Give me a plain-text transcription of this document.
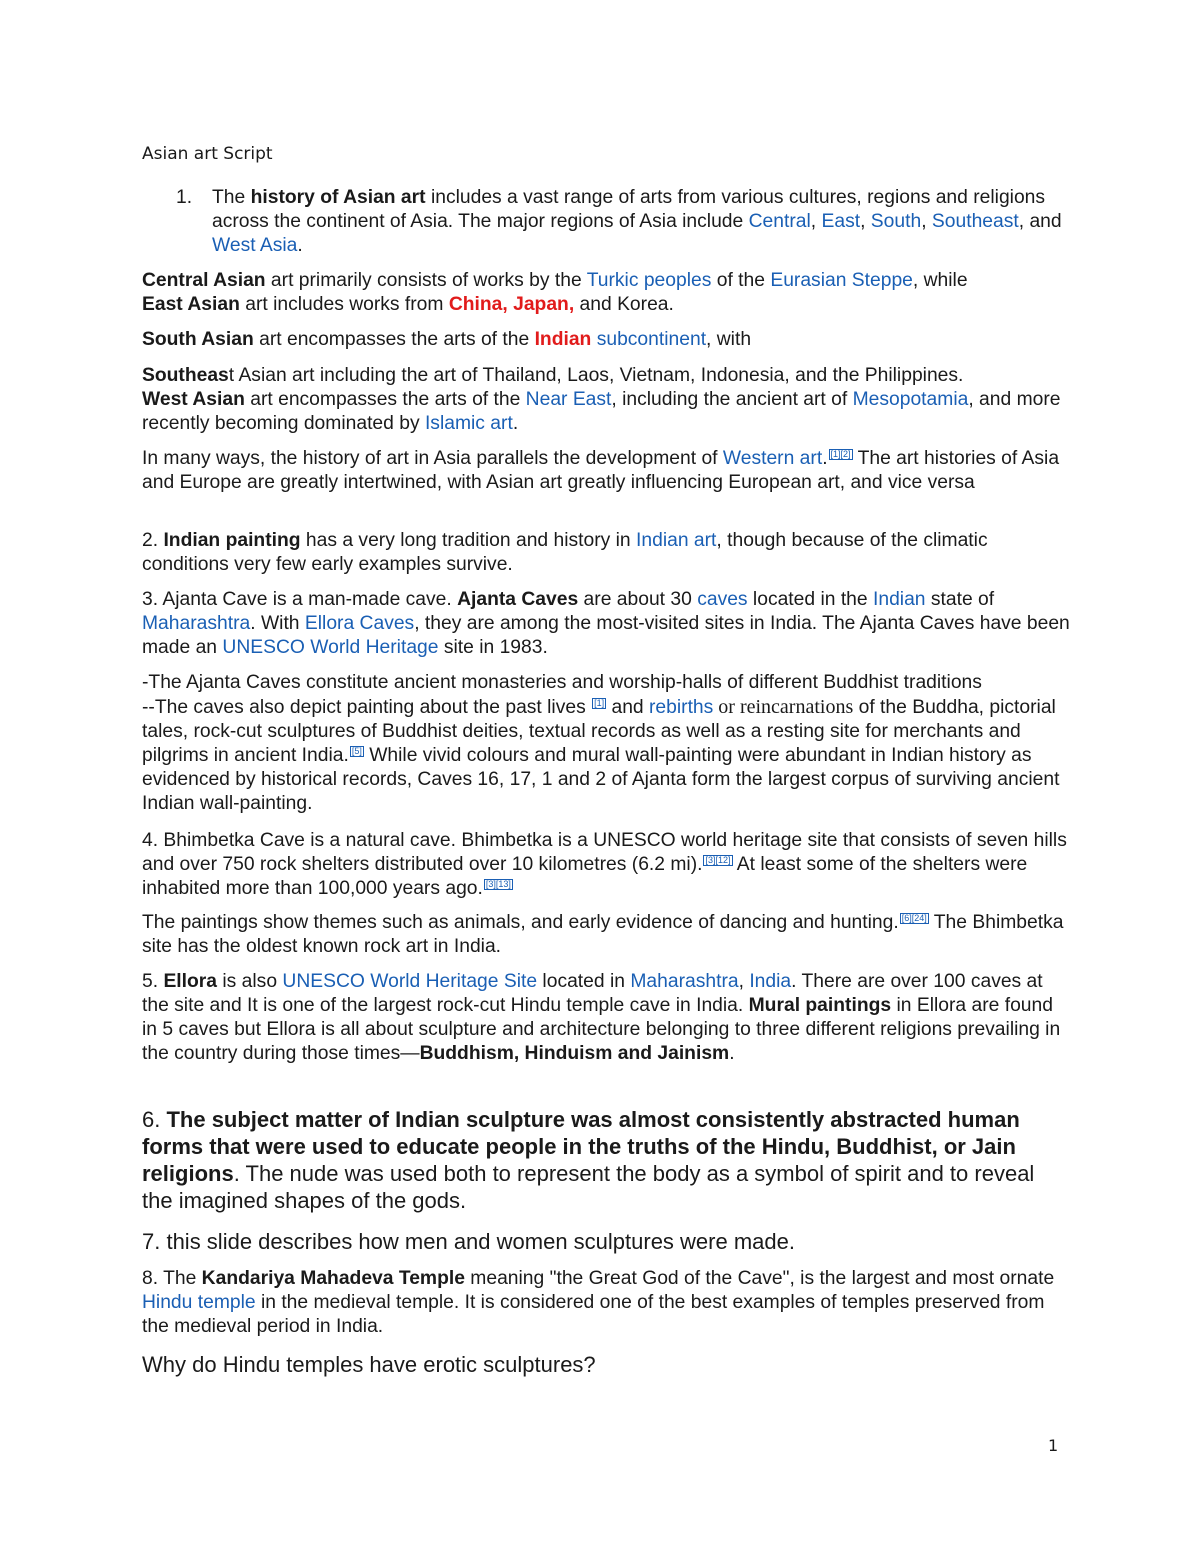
Asian art Script
1.	The history of Asian art includes a vast range of arts from various cultures, regions and religions across the continent of Asia. The major regions of Asia include Central, East, South, Southeast, and West Asia.
Central Asian art primarily consists of works by the Turkic peoples of the Eurasian Steppe, while
East Asian art includes works from China, Japan, and Korea.
South Asian art encompasses the arts of the Indian subcontinent, with
Southeast Asian art including the art of Thailand, Laos, Vietnam, Indonesia, and the Philippines.
West Asian art encompasses the arts of the Near East, including the ancient art of Mesopotamia, and more recently becoming dominated by Islamic art.
In many ways, the history of art in Asia parallels the development of Western art. [1][2] The art histories of Asia and Europe are greatly intertwined, with Asian art greatly influencing European art, and vice versa
2. Indian painting has a very long tradition and history in Indian art, though because of the climatic conditions very few early examples survive.
3. Ajanta Cave is a man-made cave. Ajanta Caves are about 30 caves located in the Indian state of Maharashtra. With Ellora Caves, they are among the most-visited sites in India. The Ajanta Caves have been made an UNESCO World Heritage site in 1983.
-The Ajanta Caves constitute ancient monasteries and worship-halls of different Buddhist traditions
--The caves also depict painting about the past lives [1] and rebirths or reincarnations of the Buddha, pictorial tales, rock-cut sculptures of Buddhist deities, textual records as well as a resting site for merchants and pilgrims in ancient India. [5] While vivid colours and mural wall-painting were abundant in Indian history as evidenced by historical records, Caves 16, 17, 1 and 2 of Ajanta form the largest corpus of surviving ancient Indian wall-painting.
4. Bhimbetka Cave is a natural cave. Bhimbetka is a UNESCO world heritage site that consists of seven hills and over 750 rock shelters distributed over 10 kilometres (6.2 mi). [3][12] At least some of the shelters were inhabited more than 100,000 years ago. [3][13]
The paintings show themes such as animals, and early evidence of dancing and hunting. [6][24] The Bhimbetka site has the oldest known rock art in India.
5. Ellora is also UNESCO World Heritage Site located in Maharashtra, India. There are over 100 caves at the site and It is one of the largest rock-cut Hindu temple cave in India. Mural paintings in Ellora are found in 5 caves but Ellora is all about sculpture and architecture belonging to three different religions prevailing in the country during those times—Buddhism, Hinduism and Jainism.
6. The subject matter of Indian sculpture was almost consistently abstracted human forms that were used to educate people in the truths of the Hindu, Buddhist, or Jain religions. The nude was used both to represent the body as a symbol of spirit and to reveal the imagined shapes of the gods.
7. this slide describes how men and women sculptures were made.
8. The Kandariya Mahadeva Temple meaning "the Great God of the Cave", is the largest and most ornate Hindu temple in the medieval temple. It is considered one of the best examples of temples preserved from the medieval period in India.
Why do Hindu temples have erotic sculptures?
1
